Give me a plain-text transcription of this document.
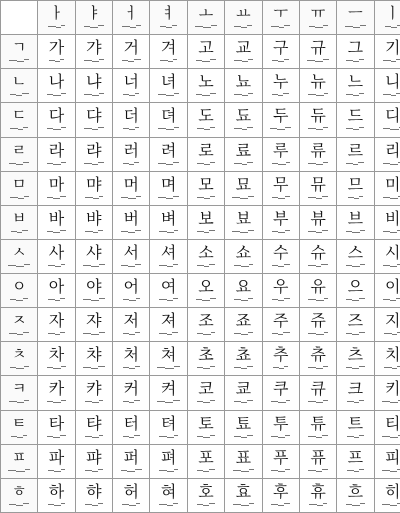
	ㅏ	ㅑ	ㅓ	ㅕ	ㅗ	ㅛ	ㅜ	ㅠ	ㅡ	ㅣ

ㄱ	가	갸	거	겨	고	교	구	규	그	기

ㄴ	나	냐	너	녀	노	뇨	누	뉴	느	니

ㄷ	다	댜	더	뎌	도	됴	두	듀	드	디

ㄹ	라	랴	러	려	로	료	루	류	르	리

ㅁ	마	먀	머	며	모	묘	무	뮤	므	미

ㅂ	바	뱌	버	벼	보	뵤	부	뷰	브	비

ㅅ	사	샤	서	셔	소	쇼	수	슈	스	시

ㅇ	아	야	어	여	오	요	우	유	으	이

ㅈ	자	쟈	저	져	조	죠	주	쥬	즈	지

ㅊ	차	챠	처	쳐	초	쵸	추	츄	츠	치

ㅋ	카	캬	커	켜	코	쿄	쿠	큐	크	키

ㅌ	타	탸	터	텨	토	툐	투	튜	트	티

ㅍ	파	퍄	퍼	펴	포	표	푸	퓨	프	피

ㅎ	하	햐	허	혀	호	효	후	휴	흐	히
